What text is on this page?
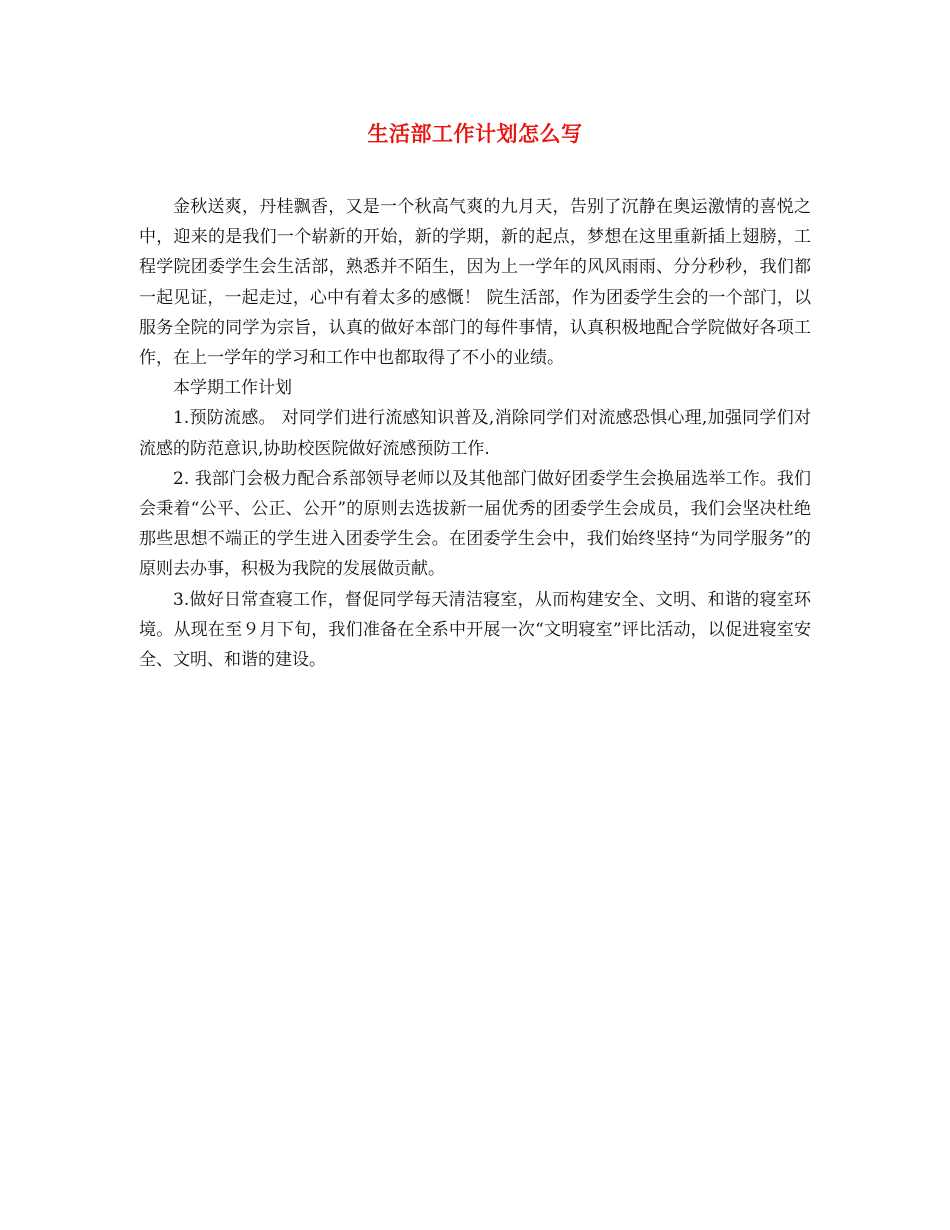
生活部工作计划怎么写

金秋送爽，丹桂飘香，又是一个秋高气爽的九月天，告别了沉静在奥运激情的喜悦之中，迎来的是我们一个崭新的开始，新的学期，新的起点，梦想在这里重新插上翅膀，工程学院团委学生会生活部，熟悉并不陌生，因为上一学年的风风雨雨、分分秒秒，我们都一起见证，一起走过，心中有着太多的感慨！ 院生活部，作为团委学生会的一个部门，以服务全院的同学为宗旨，认真的做好本部门的每件事情，认真积极地配合学院做好各项工作，在上一学年的学习和工作中也都取得了不小的业绩。

本学期工作计划

1.预防流感。 对同学们进行流感知识普及,消除同学们对流感恐惧心理,加强同学们对流感的防范意识,协助校医院做好流感预防工作.

2. 我部门会极力配合系部领导老师以及其他部门做好团委学生会换届选举工作。我们会秉着“公平、公正、公开”的原则去选拔新一届优秀的团委学生会成员，我们会坚决杜绝那些思想不端正的学生进入团委学生会。在团委学生会中，我们始终坚持“为同学服务”的原则去办事，积极为我院的发展做贡献。

3.做好日常查寝工作，督促同学每天清洁寝室，从而构建安全、文明、和谐的寝室环境。从现在至９月下旬，我们准备在全系中开展一次“文明寝室”评比活动，以促进寝室安全、文明、和谐的建设。
